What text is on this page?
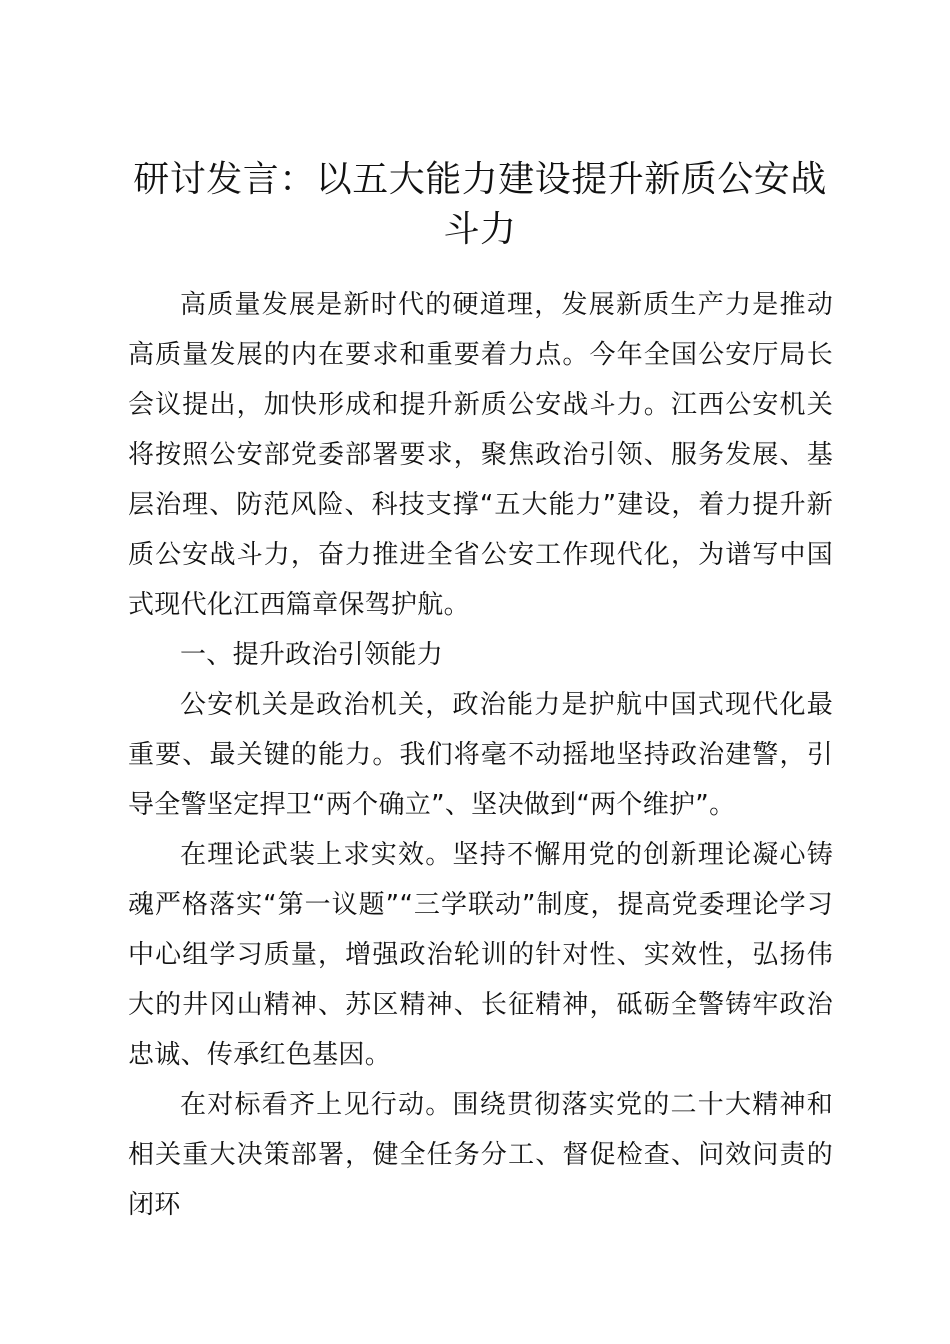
研讨发言：以五大能力建设提升新质公安战斗力

高质量发展是新时代的硬道理，发展新质生产力是推动高质量发展的内在要求和重要着力点。今年全国公安厅局长会议提出，加快形成和提升新质公安战斗力。江西公安机关将按照公安部党委部署要求，聚焦政治引领、服务发展、基层治理、防范风险、科技支撑“五大能力”建设，着力提升新质公安战斗力，奋力推进全省公安工作现代化，为谱写中国式现代化江西篇章保驾护航。

一、提升政治引领能力

公安机关是政治机关，政治能力是护航中国式现代化最重要、最关键的能力。我们将毫不动摇地坚持政治建警，引导全警坚定捍卫“两个确立”、坚决做到“两个维护”。

在理论武装上求实效。坚持不懈用党的创新理论凝心铸魂严格落实“第一议题”“三学联动”制度，提高党委理论学习中心组学习质量，增强政治轮训的针对性、实效性，弘扬伟大的井冈山精神、苏区精神、长征精神，砥砺全警铸牢政治忠诚、传承红色基因。

在对标看齐上见行动。围绕贯彻落实党的二十大精神和相关重大决策部署，健全任务分工、督促检查、问效问责的闭环
